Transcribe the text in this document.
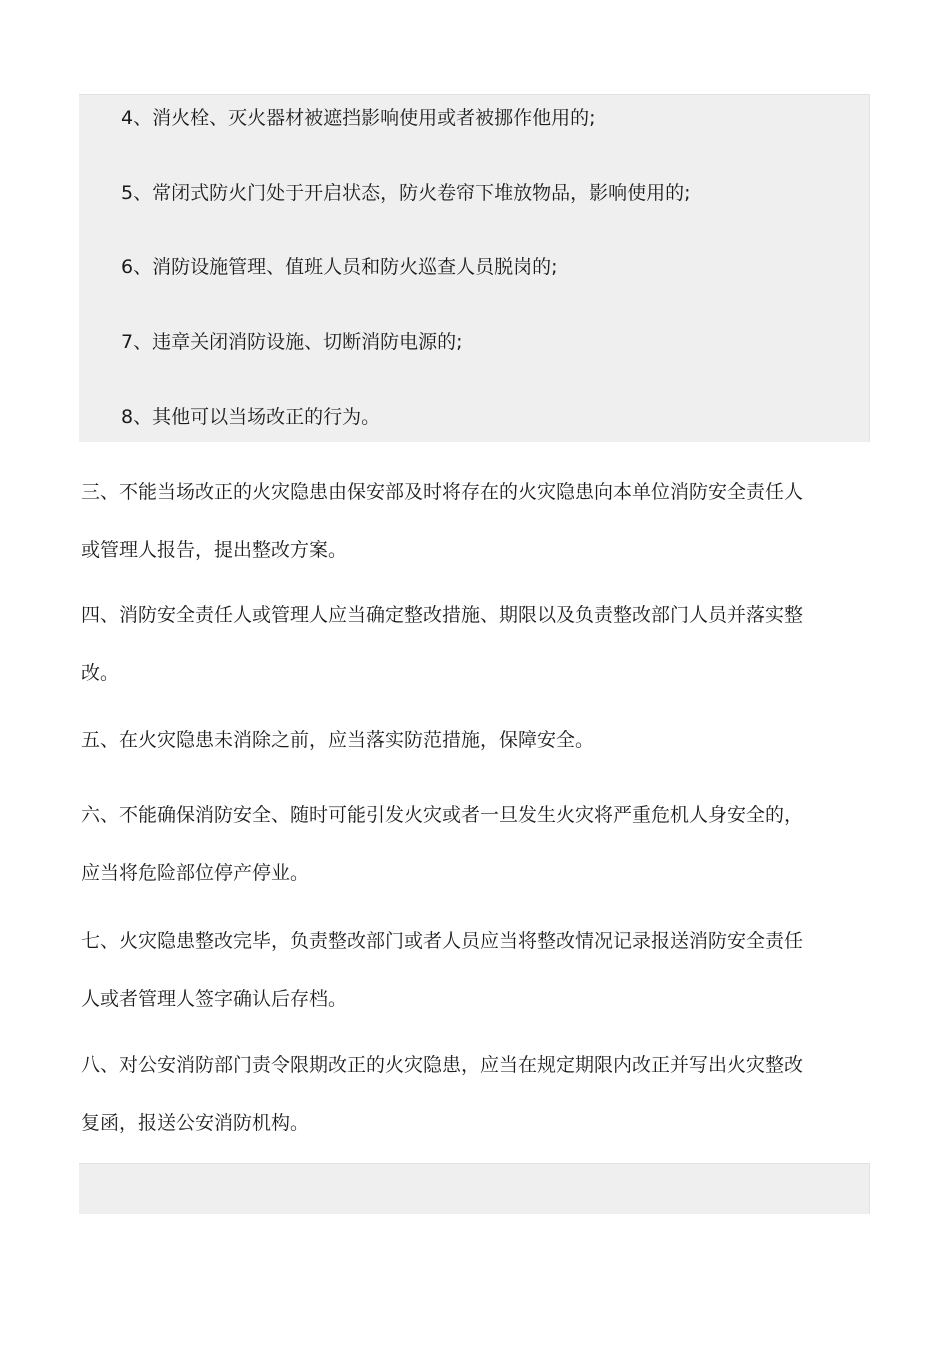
4、消火栓、灭火器材被遮挡影响使用或者被挪作他用的;

5、常闭式防火门处于开启状态，防火卷帘下堆放物品，影响使用的;

6、消防设施管理、值班人员和防火巡查人员脱岗的;

7、违章关闭消防设施、切断消防电源的;

8、其他可以当场改正的行为。

三、不能当场改正的火灾隐患由保安部及时将存在的火灾隐患向本单位消防安全责任人或管理人报告，提出整改方案。

四、消防安全责任人或管理人应当确定整改措施、期限以及负责整改部门人员并落实整改。

五、在火灾隐患未消除之前，应当落实防范措施，保障安全。

六、不能确保消防安全、随时可能引发火灾或者一旦发生火灾将严重危机人身安全的，应当将危险部位停产停业。

七、火灾隐患整改完毕，负责整改部门或者人员应当将整改情况记录报送消防安全责任人或者管理人签字确认后存档。

八、对公安消防部门责令限期改正的火灾隐患，应当在规定期限内改正并写出火灾整改复函，报送公安消防机构。
